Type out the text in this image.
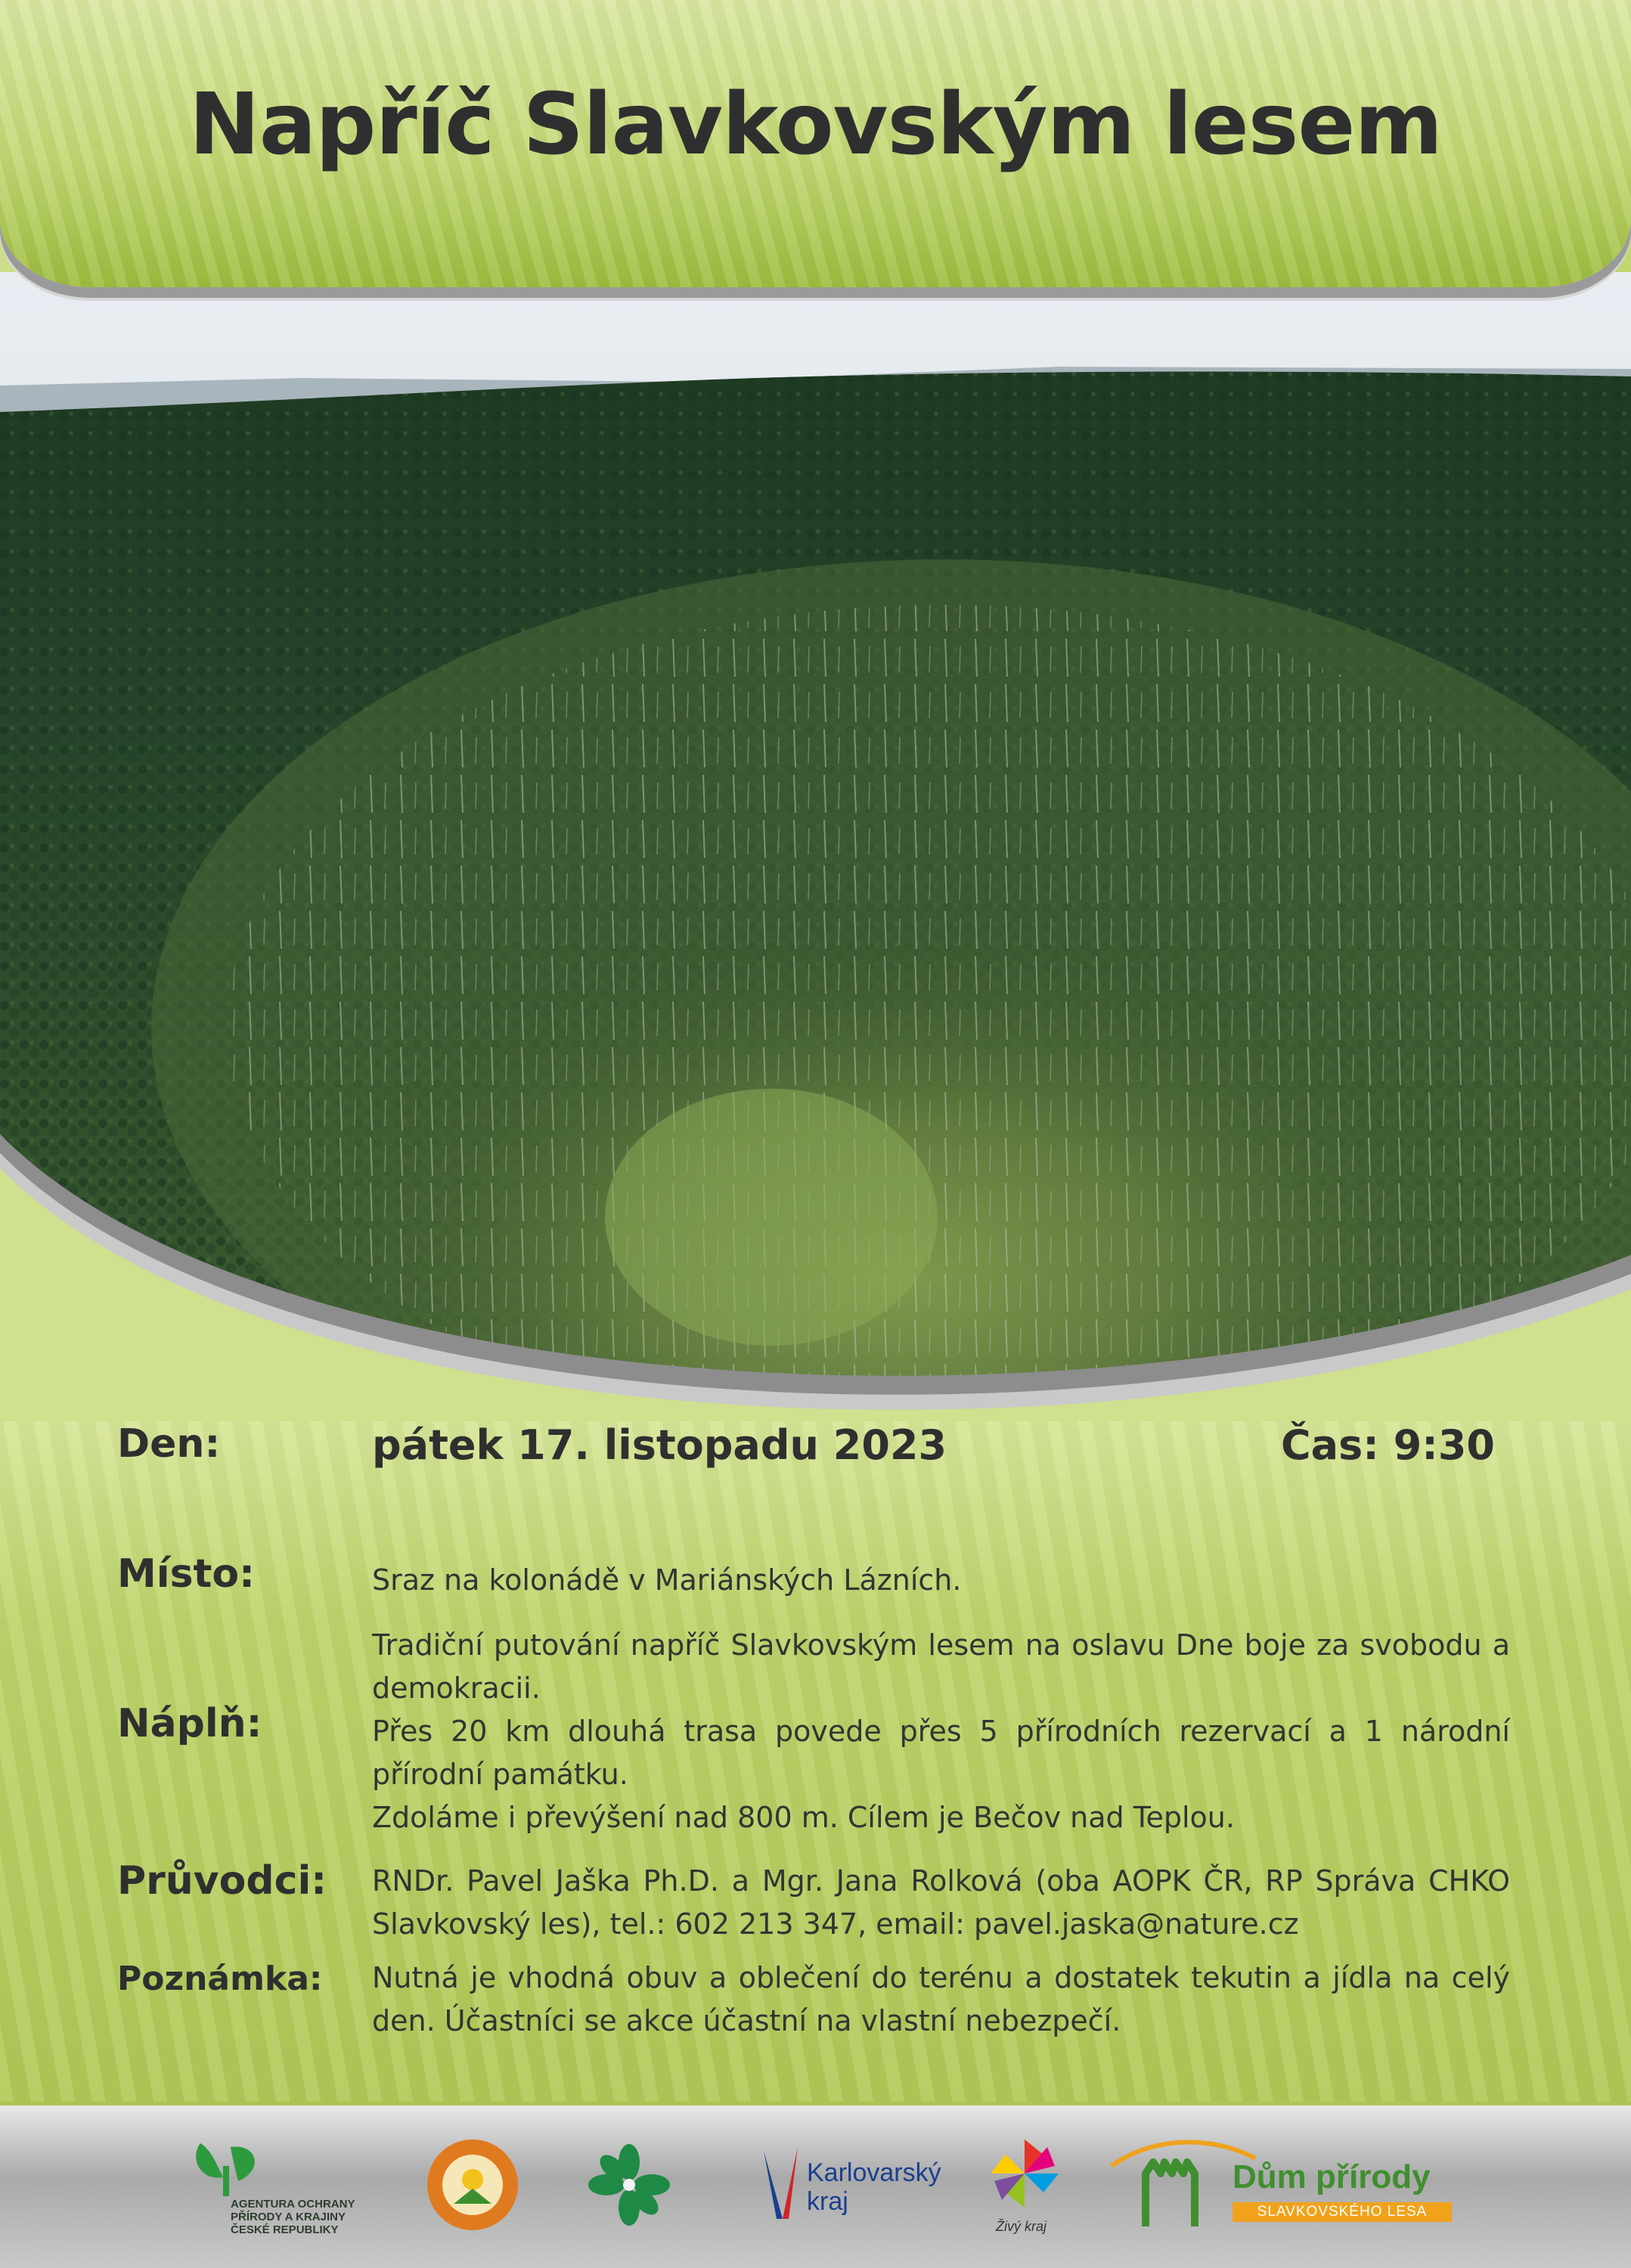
Napříč Slavkovským lesem
Den:	pátek 17. listopadu 2023	Čas: 9:30
Místo:	Sraz na kolonádě v Mariánských Lázních.
Náplň:
Tradiční putování napříč Slavkovským lesem na oslavu Dne boje za svobodu a demokracii.
Přes 20 km dlouhá trasa povede přes 5 přírodních rezervací a 1 národní přírodní památku.
Zdoláme i převýšení nad 800 m. Cílem je Bečov nad Teplou.
Průvodci: RNDr. Pavel Jaška Ph.D. a Mgr. Jana Rolková (oba AOPK ČR, RP Správa CHKO Slavkovský les), tel.: 602 213 347, email: pavel.jaska@nature.cz
Poznámka: Nutná je vhodná obuv a oblečení do terénu a dostatek tekutin a jídla na celý den. Účastníci se akce účastní na vlastní nebezpečí.
AGENTURA OCHRANY
PŘÍRODY A KRAJINY
ČESKÉ REPUBLIKY
Karlovarský
kraj
Živý kraj
Dům přírody
SLAVKOVSKÉHO LESA
